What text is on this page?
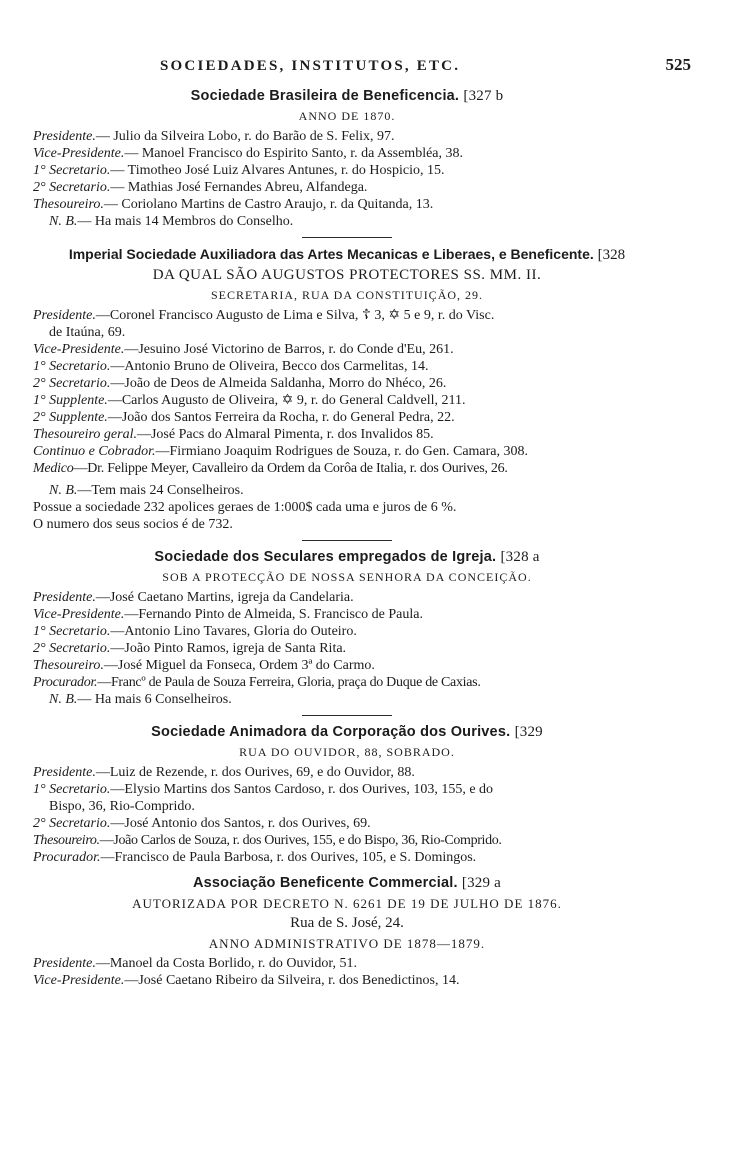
SOCIEDADES, INSTITUTOS, ETC.	525
Sociedade Brasileira de Beneficencia. [327 b
ANNO DE 1870.
Presidente.— Julio da Silveira Lobo, r. do Barão de S. Felix, 97.
Vice-Presidente.— Manoel Francisco do Espirito Santo, r. da Assembléa, 38.
1° Secretario.— Timotheo José Luiz Alvares Antunes, r. do Hospicio, 15.
2° Secretario.— Mathias José Fernandes Abreu, Alfandega.
Thesoureiro.— Coriolano Martins de Castro Araujo, r. da Quitanda, 13.
N. B.— Ha mais 14 Membros do Conselho.
Imperial Sociedade Auxiliadora das Artes Mecanicas e Liberaes, e Beneficente. [328
DA QUAL SÃO AUGUSTOS PROTECTORES SS. MM. II.
SECRETARIA, RUA DA CONSTITUIÇÃO, 29.
Presidente.—Coronel Francisco Augusto de Lima e Silva, ☦ 3, ✡ 5 e 9, r. do Visc.
de Itaúna, 69.
Vice-Presidente.—Jesuino José Victorino de Barros, r. do Conde d'Eu, 261.
1° Secretario.—Antonio Bruno de Oliveira, Becco dos Carmelitas, 14.
2° Secretario.—João de Deos de Almeida Saldanha, Morro do Nhéco, 26.
1° Supplente.—Carlos Augusto de Oliveira, ✡ 9, r. do General Caldvell, 211.
2° Supplente.—João dos Santos Ferreira da Rocha, r. do General Pedra, 22.
Thesoureiro geral.—José Pacs do Almaral Pimenta, r. dos Invalidos 85.
Continuo e Cobrador.—Firmiano Joaquim Rodrigues de Souza, r. do Gen. Camara, 308.
Medico—Dr. Felippe Meyer, Cavalleiro da Ordem da Corôa de Italia, r. dos Ourives, 26.
N. B.—Tem mais 24 Conselheiros.
Possue a sociedade 232 apolices geraes de 1:000$ cada uma e juros de 6 %.
O numero dos seus socios é de 732.
Sociedade dos Seculares empregados de Igreja. [328 a
SOB A PROTECÇÃO DE NOSSA SENHORA DA CONCEIÇÃO.
Presidente.—José Caetano Martins, igreja da Candelaria.
Vice-Presidente.—Fernando Pinto de Almeida, S. Francisco de Paula.
1° Secretario.—Antonio Lino Tavares, Gloria do Outeiro.
2° Secretario.—João Pinto Ramos, igreja de Santa Rita.
Thesoureiro.—José Miguel da Fonseca, Ordem 3ª do Carmo.
Procurador.—Francº de Paula de Souza Ferreira, Gloria, praça do Duque de Caxias.
N. B.— Ha mais 6 Conselheiros.
Sociedade Animadora da Corporação dos Ourives. [329
RUA DO OUVIDOR, 88, SOBRADO.
Presidente.—Luiz de Rezende, r. dos Ourives, 69, e do Ouvidor, 88.
1° Secretario.—Elysio Martins dos Santos Cardoso, r. dos Ourives, 103, 155, e do
Bispo, 36, Rio-Comprido.
2° Secretario.—José Antonio dos Santos, r. dos Ourives, 69.
Thesoureiro.—João Carlos de Souza, r. dos Ourives, 155, e do Bispo, 36, Rio-Comprido.
Procurador.—Francisco de Paula Barbosa, r. dos Ourives, 105, e S. Domingos.
Associação Beneficente Commercial. [329 a
AUTORIZADA POR DECRETO N. 6261 DE 19 DE JULHO DE 1876.
Rua de S. José, 24.
ANNO ADMINISTRATIVO DE 1878—1879.
Presidente.—Manoel da Costa Borlido, r. do Ouvidor, 51.
Vice-Presidente.—José Caetano Ribeiro da Silveira, r. dos Benedictinos, 14.
